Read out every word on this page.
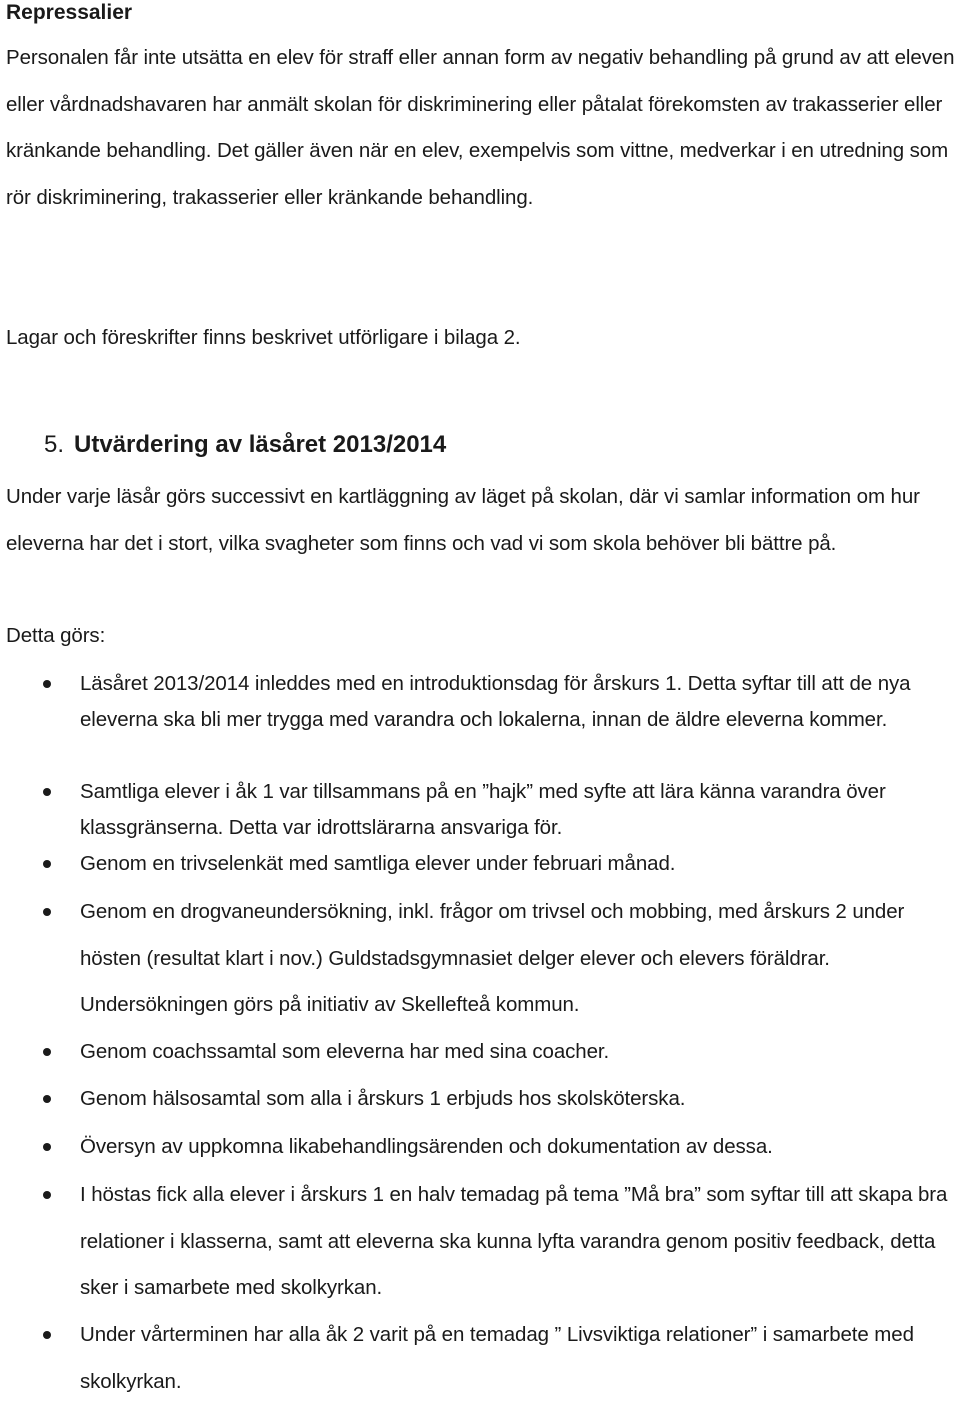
Repressalier

Personalen får inte utsätta en elev för straff eller annan form av negativ behandling på grund av att eleven eller vårdnadshavaren har anmält skolan för diskriminering eller påtalat förekomsten av trakasserier eller kränkande behandling. Det gäller även när en elev, exempelvis som vittne, medverkar i en utredning som rör diskriminering, trakasserier eller kränkande behandling.

Lagar och föreskrifter finns beskrivet utförligare i bilaga 2.

5. Utvärdering av läsåret 2013/2014

Under varje läsår görs successivt en kartläggning av läget på skolan, där vi samlar information om hur eleverna har det i stort, vilka svagheter som finns och vad vi som skola behöver bli bättre på.

Detta görs:

Läsåret 2013/2014 inleddes med en introduktionsdag för årskurs 1. Detta syftar till att de nya eleverna ska bli mer trygga med varandra och lokalerna, innan de äldre eleverna kommer.
Samtliga elever i åk 1 var tillsammans på en ”hajk” med syfte att lära känna varandra över klassgränserna. Detta var idrottslärarna ansvariga för.
Genom en trivselenkät med samtliga elever under februari månad.
Genom en drogvaneundersökning, inkl. frågor om trivsel och mobbing, med årskurs 2 under hösten (resultat klart i nov.) Guldstadsgymnasiet delger elever och elevers föräldrar. Undersökningen görs på initiativ av Skellefteå kommun.
Genom coachssamtal som eleverna har med sina coacher.
Genom hälsosamtal som alla i årskurs 1 erbjuds hos skolsköterska.
Översyn av uppkomna likabehandlingsärenden och dokumentation av dessa.
I höstas fick alla elever i årskurs 1 en halv temadag på tema ”Må bra” som syftar till att skapa bra relationer i klasserna, samt att eleverna ska kunna lyfta varandra genom positiv feedback, detta sker i samarbete med skolkyrkan.
Under vårterminen har alla åk 2 varit på en temadag ” Livsviktiga relationer” i samarbete med skolkyrkan.
